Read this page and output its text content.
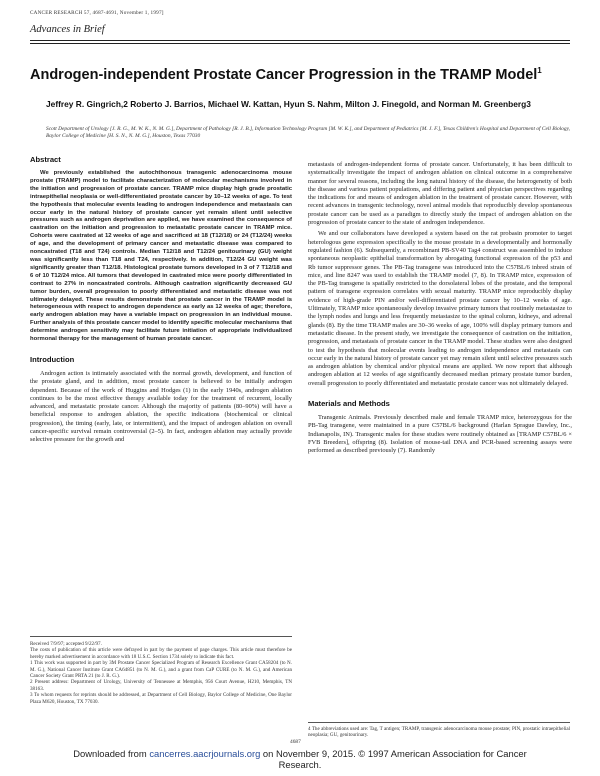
CANCER RESEARCH 57, 4687-4691, November 1, 1997]
Advances in Brief
Androgen-independent Prostate Cancer Progression in the TRAMP Model$^1$
Jeffrey R. Gingrich,2 Roberto J. Barrios, Michael W. Kattan, Hyun S. Nahm, Milton J. Finegold, and Norman M. Greenberg3
Scott Department of Urology [J. R. G., M. W. K., N. M. G.], Department of Pathology [R. J. B.], Information Technology Program [M. W. K.], and Department of Pediatrics [M. J. F.], Texas Children's Hospital and Department of Cell Biology, Baylor College of Medicine [H. S. N., N. M. G.], Houston, Texas 77030
Abstract

We previously established the autochthonous transgenic adenocarcinoma mouse prostate (TRAMP) model to facilitate characterization of molecular mechanisms involved in the initiation and progression of prostate cancer. TRAMP mice display high grade prostatic intraepithelial neoplasia or well-differentiated prostate cancer by 10–12 weeks of age. To test the hypothesis that molecular events leading to androgen independence and metastasis can occur early in the natural history of prostate cancer yet remain silent until selective pressures such as androgen deprivation are applied, we have examined the consequence of castration on the initiation and progression to metastatic prostate cancer in TRAMP mice. Cohorts were castrated at 12 weeks of age and sacrificed at 18 (T12/18) or 24 (T12/24) weeks of age, and the development of primary cancer and metastatic disease was compared to noncastrated (T18 and T24) controls. Median T12/18 and T12/24 genitourinary (GU) weight was significantly less than T18 and T24, respectively. In addition, T12/24 GU weight was significantly greater than T12/18. Histological prostate tumors developed in 3 of 7 T12/18 and 6 of 10 T12/24 mice. All tumors that developed in castrated mice were poorly differentiated in contrast to 27% in noncastrated controls. Although castration significantly decreased GU tumor burden, overall progression to poorly differentiated and metastatic disease was not ultimately delayed. These results demonstrate that prostate cancer in the TRAMP model is heterogeneous with respect to androgen dependence as early as 12 weeks of age; therefore, early androgen ablation may have a variable impact on progression in an individual mouse. Further analysis of this prostate cancer model to identify specific molecular mechanisms that determine androgen sensitivity may facilitate future initiation of appropriate individualized hormonal therapy for the management of human prostate cancer.

Introduction

Androgen action is intimately associated with the normal growth, development, and function of the prostate gland, and in addition, most prostate cancer is believed to be initially androgen dependent. Because of the work of Huggins and Hodges (1) in the early 1940s, androgen ablation continues to be the most effective therapy available today for the treatment of recurrent, locally advanced, and metastatic prostate cancer. Although the majority of patients (80–90%) will have a beneficial response to androgen ablation, the specific indications (biochemical or clinical progression), the timing (early, late, or intermittent), and the impact of androgen ablation on overall cancer-specific survival remain controversial (2–5). In fact, androgen ablation may actually provide selective pressure for the growth and

Received 7/9/97; accepted 9/22/97.

The costs of publication of this article were defrayed in part by the payment of page charges. This article must therefore be hereby marked advertisement in accordance with 18 U.S.C. Section 1734 solely to indicate this fact.

1 This work was supported in part by 3M Prostate Cancer Specialized Program of Research Excellence Grant CA58204 (to N. M. G.), National Cancer Institute Grant CA64851 (to N. M. G.), and a grant from CaP CURE (to N. M. G.), and American Cancer Society Grant PRTA 21 (to J. R. G.).

2 Present address: Department of Urology, University of Tennessee at Memphis, 956 Court Avenue, H210, Memphis, TN 38163.

3 To whom requests for reprints should be addressed, at Department of Cell Biology, Baylor College of Medicine, One Baylor Plaza M620, Houston, TX 77030.

metastasis of androgen-independent forms of prostate cancer. Unfortunately, it has been difficult to systematically investigate the impact of androgen ablation on clinical outcome in a comprehensive manner for several reasons, including the long natural history of the disease, the heterogeneity of both the disease and various patient populations, and differing patient and physician perspectives regarding the indications for and means of androgen ablation in the treatment of prostate cancer. However, with recent advances in transgenic technology, novel animal models that reproducibly develop spontaneous prostate cancer can be used as a paradigm to directly study the impact of androgen ablation on the progression of prostate cancer to the state of androgen independence.

We and our collaborators have developed a system based on the rat probasin promoter to target heterologous gene expression specifically to the mouse prostate in a developmentally and hormonally regulated fashion (6). Subsequently, a recombinant PB-SV40 Tag4 construct was assembled to induce spontaneous neoplastic epithelial transformation by abrogating functional expression of the p53 and Rb tumor suppressor genes. The PB-Tag transgene was introduced into the C57BL/6 inbred strain of mice, and line 8247 was used to establish the TRAMP model (7, 8). In TRAMP mice, expression of the PB-Tag transgene is spatially restricted to the dorsolateral lobes of the prostate, and the temporal pattern of transgene expression correlates with sexual maturity. TRAMP mice reproducibly display evidence of high-grade PIN and/or well-differentiated prostate cancer by 10–12 weeks of age. Ultimately, TRAMP mice spontaneously develop invasive primary tumors that routinely metastasize to the lymph nodes and lungs and less frequently metastasize to the spinal column, kidneys, and adrenal glands (8). By the time TRAMP males are 30–36 weeks of age, 100% will display primary tumors and metastatic disease. In the present study, we investigate the consequence of castration on the initiation, progression, and metastasis of prostate cancer in the TRAMP model. These studies were also designed to test the hypothesis that molecular events leading to androgen independence and metastasis can occur early in the natural history of prostate cancer yet may remain silent until selective pressures such as androgen ablation by chemical and/or physical means are applied. We now report that although androgen ablation at 12 weeks of age significantly decreased median primary prostate tumor burden, overall progression to poorly differentiated and metastatic prostate cancer was not ultimately delayed.

Materials and Methods

Transgenic Animals. Previously described male and female TRAMP mice, heterozygous for the PB-Tag transgene, were maintained in a pure C57BL/6 background (Harlan Sprague Dawley, Inc., Indianapolis, IN). Transgenic males for these studies were routinely obtained as [TRAMP C57BL/6 × FVB Breeders], offspring (8). Isolation of mouse-tail DNA and PCR-based screening assays were performed as described previously (7). Randomly

4 The abbreviations used are: Tag, T antigen; TRAMP, transgenic adenocarcinoma mouse prostate; PIN, prostatic intraepithelial neoplasia; GU, genitourinary.

4687
Downloaded from cancerres.aacrjournals.org on November 9, 2015. © 1997 American Association for Cancer
Research.
